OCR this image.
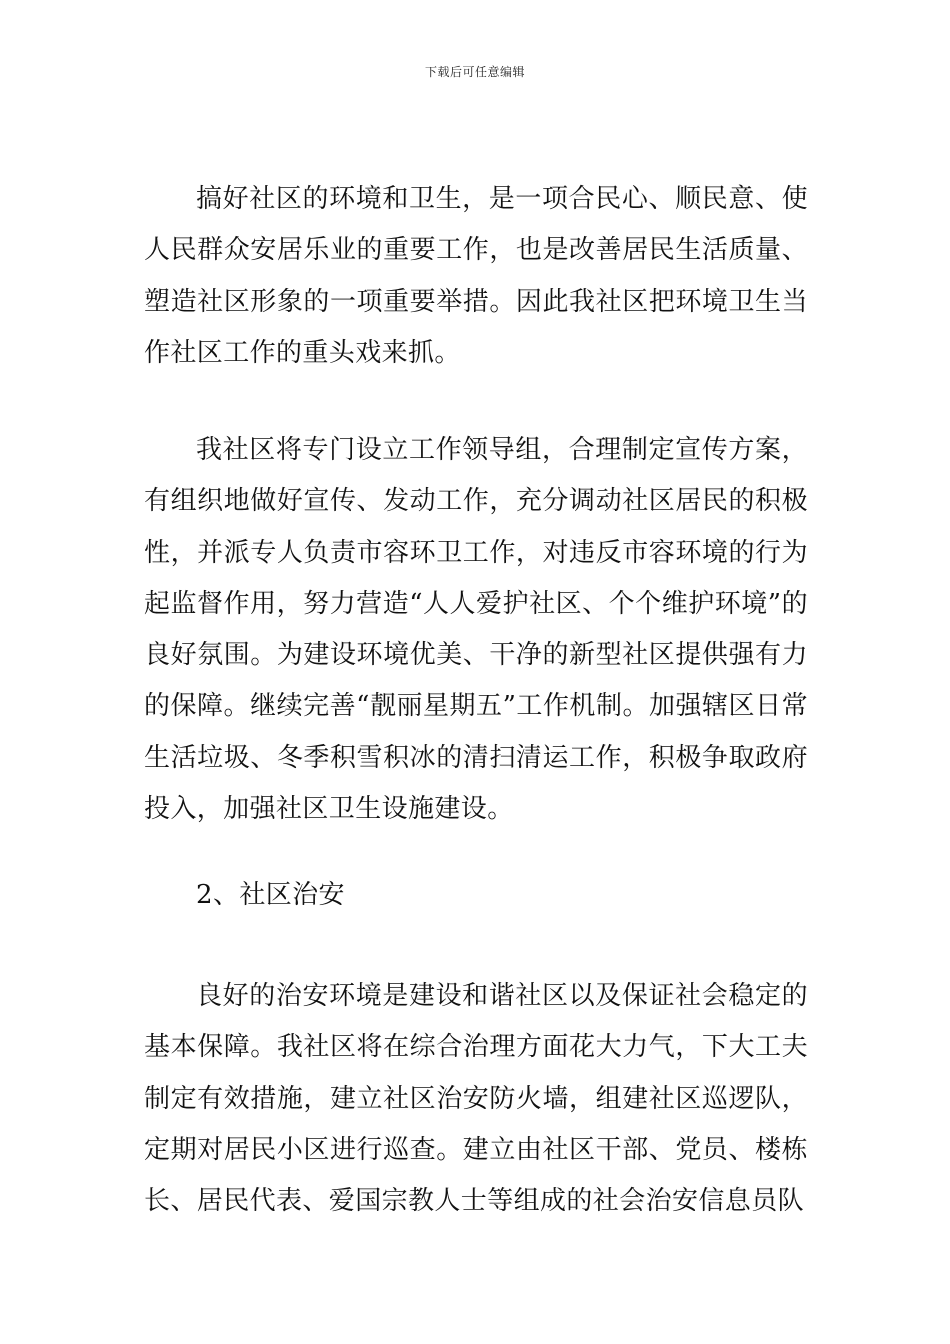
下载后可任意编辑

搞好社区的环境和卫生，是一项合民心、顺民意、使人民群众安居乐业的重要工作，也是改善居民生活质量、塑造社区形象的一项重要举措。因此我社区把环境卫生当作社区工作的重头戏来抓。

我社区将专门设立工作领导组，合理制定宣传方案，有组织地做好宣传、发动工作，充分调动社区居民的积极性，并派专人负责市容环卫工作，对违反市容环境的行为起监督作用，努力营造“人人爱护社区、个个维护环境”的良好氛围。为建设环境优美、干净的新型社区提供强有力的保障。继续完善“靓丽星期五”工作机制。加强辖区日常生活垃圾、冬季积雪积冰的清扫清运工作，积极争取政府投入，加强社区卫生设施建设。

2、社区治安

良好的治安环境是建设和谐社区以及保证社会稳定的基本保障。我社区将在综合治理方面花大力气，下大工夫制定有效措施，建立社区治安防火墙，组建社区巡逻队，定期对居民小区进行巡查。建立由社区干部、党员、楼栋长、居民代表、爱国宗教人士等组成的社会治安信息员队
